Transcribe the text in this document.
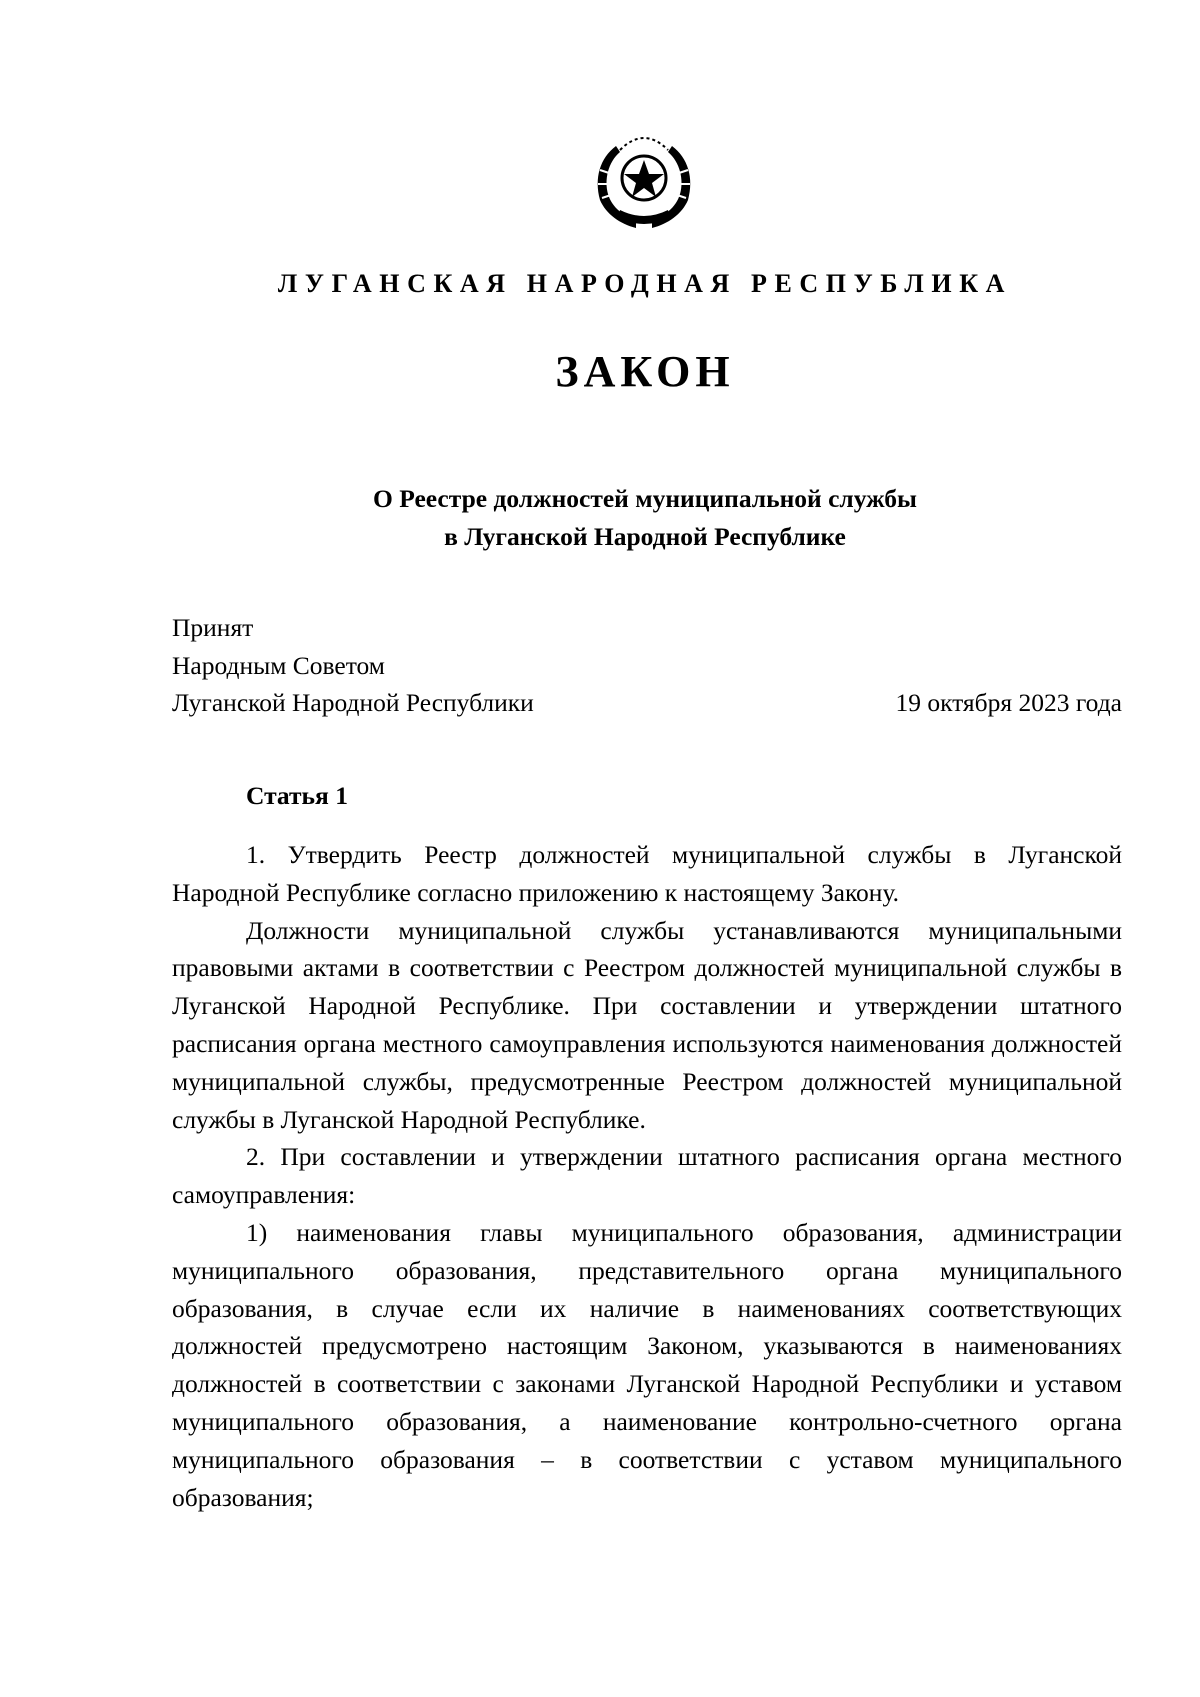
ЛУГАНСКАЯ НАРОДНАЯ РЕСПУБЛИКА
ЗАКОН
О Реестре должностей муниципальной службы
в Луганской Народной Республике
Принят
Народным Советом
Луганской Народной Республики	19 октября 2023 года
Статья 1

1. Утвердить Реестр должностей муниципальной службы в Луганской Народной Республике согласно приложению к настоящему Закону.

Должности муниципальной службы устанавливаются муниципальными правовыми актами в соответствии с Реестром должностей муниципальной службы в Луганской Народной Республике. При составлении и утверждении штатного расписания органа местного самоуправления используются наименования должностей муниципальной службы, предусмотренные Реестром должностей муниципальной службы в Луганской Народной Республике.

2. При составлении и утверждении штатного расписания органа местного самоуправления:

1) наименования главы муниципального образования, администрации муниципального образования, представительного органа муниципального образования, в случае если их наличие в наименованиях соответствующих должностей предусмотрено настоящим Законом, указываются в наименованиях должностей в соответствии с законами Луганской Народной Республики и уставом муниципального образования, а наименование контрольно-счетного органа муниципального образования – в соответствии с уставом муниципального образования;
